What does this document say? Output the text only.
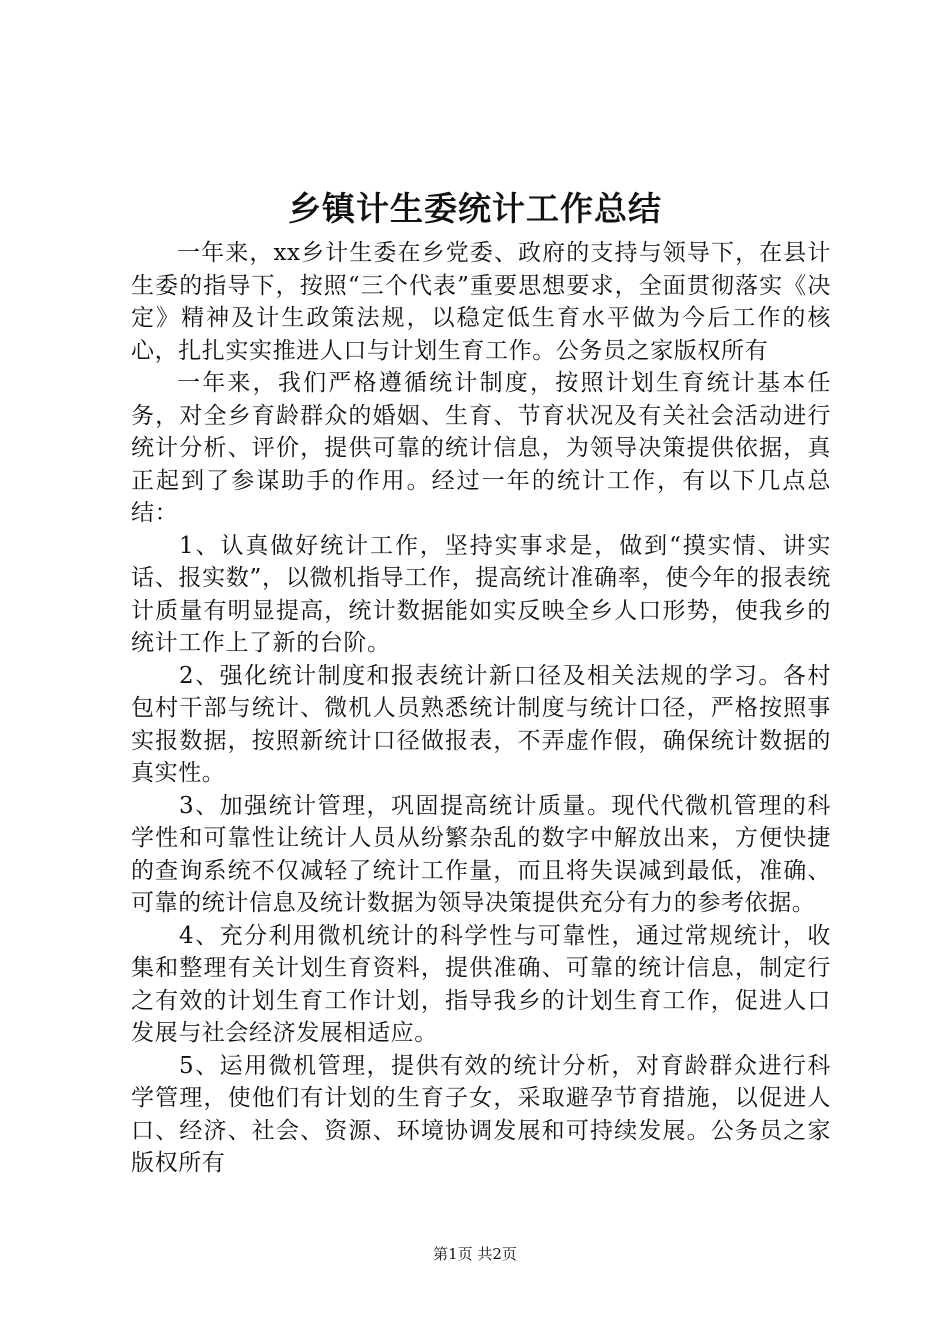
乡镇计生委统计工作总结

一年来，xx乡计生委在乡党委、政府的支持与领导下，在县计生委的指导下，按照“三个代表”重要思想要求，全面贯彻落实《决定》精神及计生政策法规，以稳定低生育水平做为今后工作的核心，扎扎实实推进人口与计划生育工作。公务员之家版权所有

一年来，我们严格遵循统计制度，按照计划生育统计基本任务，对全乡育龄群众的婚姻、生育、节育状况及有关社会活动进行统计分析、评价，提供可靠的统计信息，为领导决策提供依据，真正起到了参谋助手的作用。经过一年的统计工作，有以下几点总结：

1、认真做好统计工作，坚持实事求是，做到“摸实情、讲实话、报实数”，以微机指导工作，提高统计准确率，使今年的报表统计质量有明显提高，统计数据能如实反映全乡人口形势，使我乡的统计工作上了新的台阶。

2、强化统计制度和报表统计新口径及相关法规的学习。各村包村干部与统计、微机人员熟悉统计制度与统计口径，严格按照事实报数据，按照新统计口径做报表，不弄虚作假，确保统计数据的真实性。

3、加强统计管理，巩固提高统计质量。现代代微机管理的科学性和可靠性让统计人员从纷繁杂乱的数字中解放出来，方便快捷的查询系统不仅减轻了统计工作量，而且将失误减到最低，准确、可靠的统计信息及统计数据为领导决策提供充分有力的参考依据。

4、充分利用微机统计的科学性与可靠性，通过常规统计，收集和整理有关计划生育资料，提供准确、可靠的统计信息，制定行之有效的计划生育工作计划，指导我乡的计划生育工作，促进人口发展与社会经济发展相适应。

5、运用微机管理，提供有效的统计分析，对育龄群众进行科学管理，使他们有计划的生育子女，采取避孕节育措施，以促进人口、经济、社会、资源、环境协调发展和可持续发展。公务员之家版权所有

第1页 共2页
